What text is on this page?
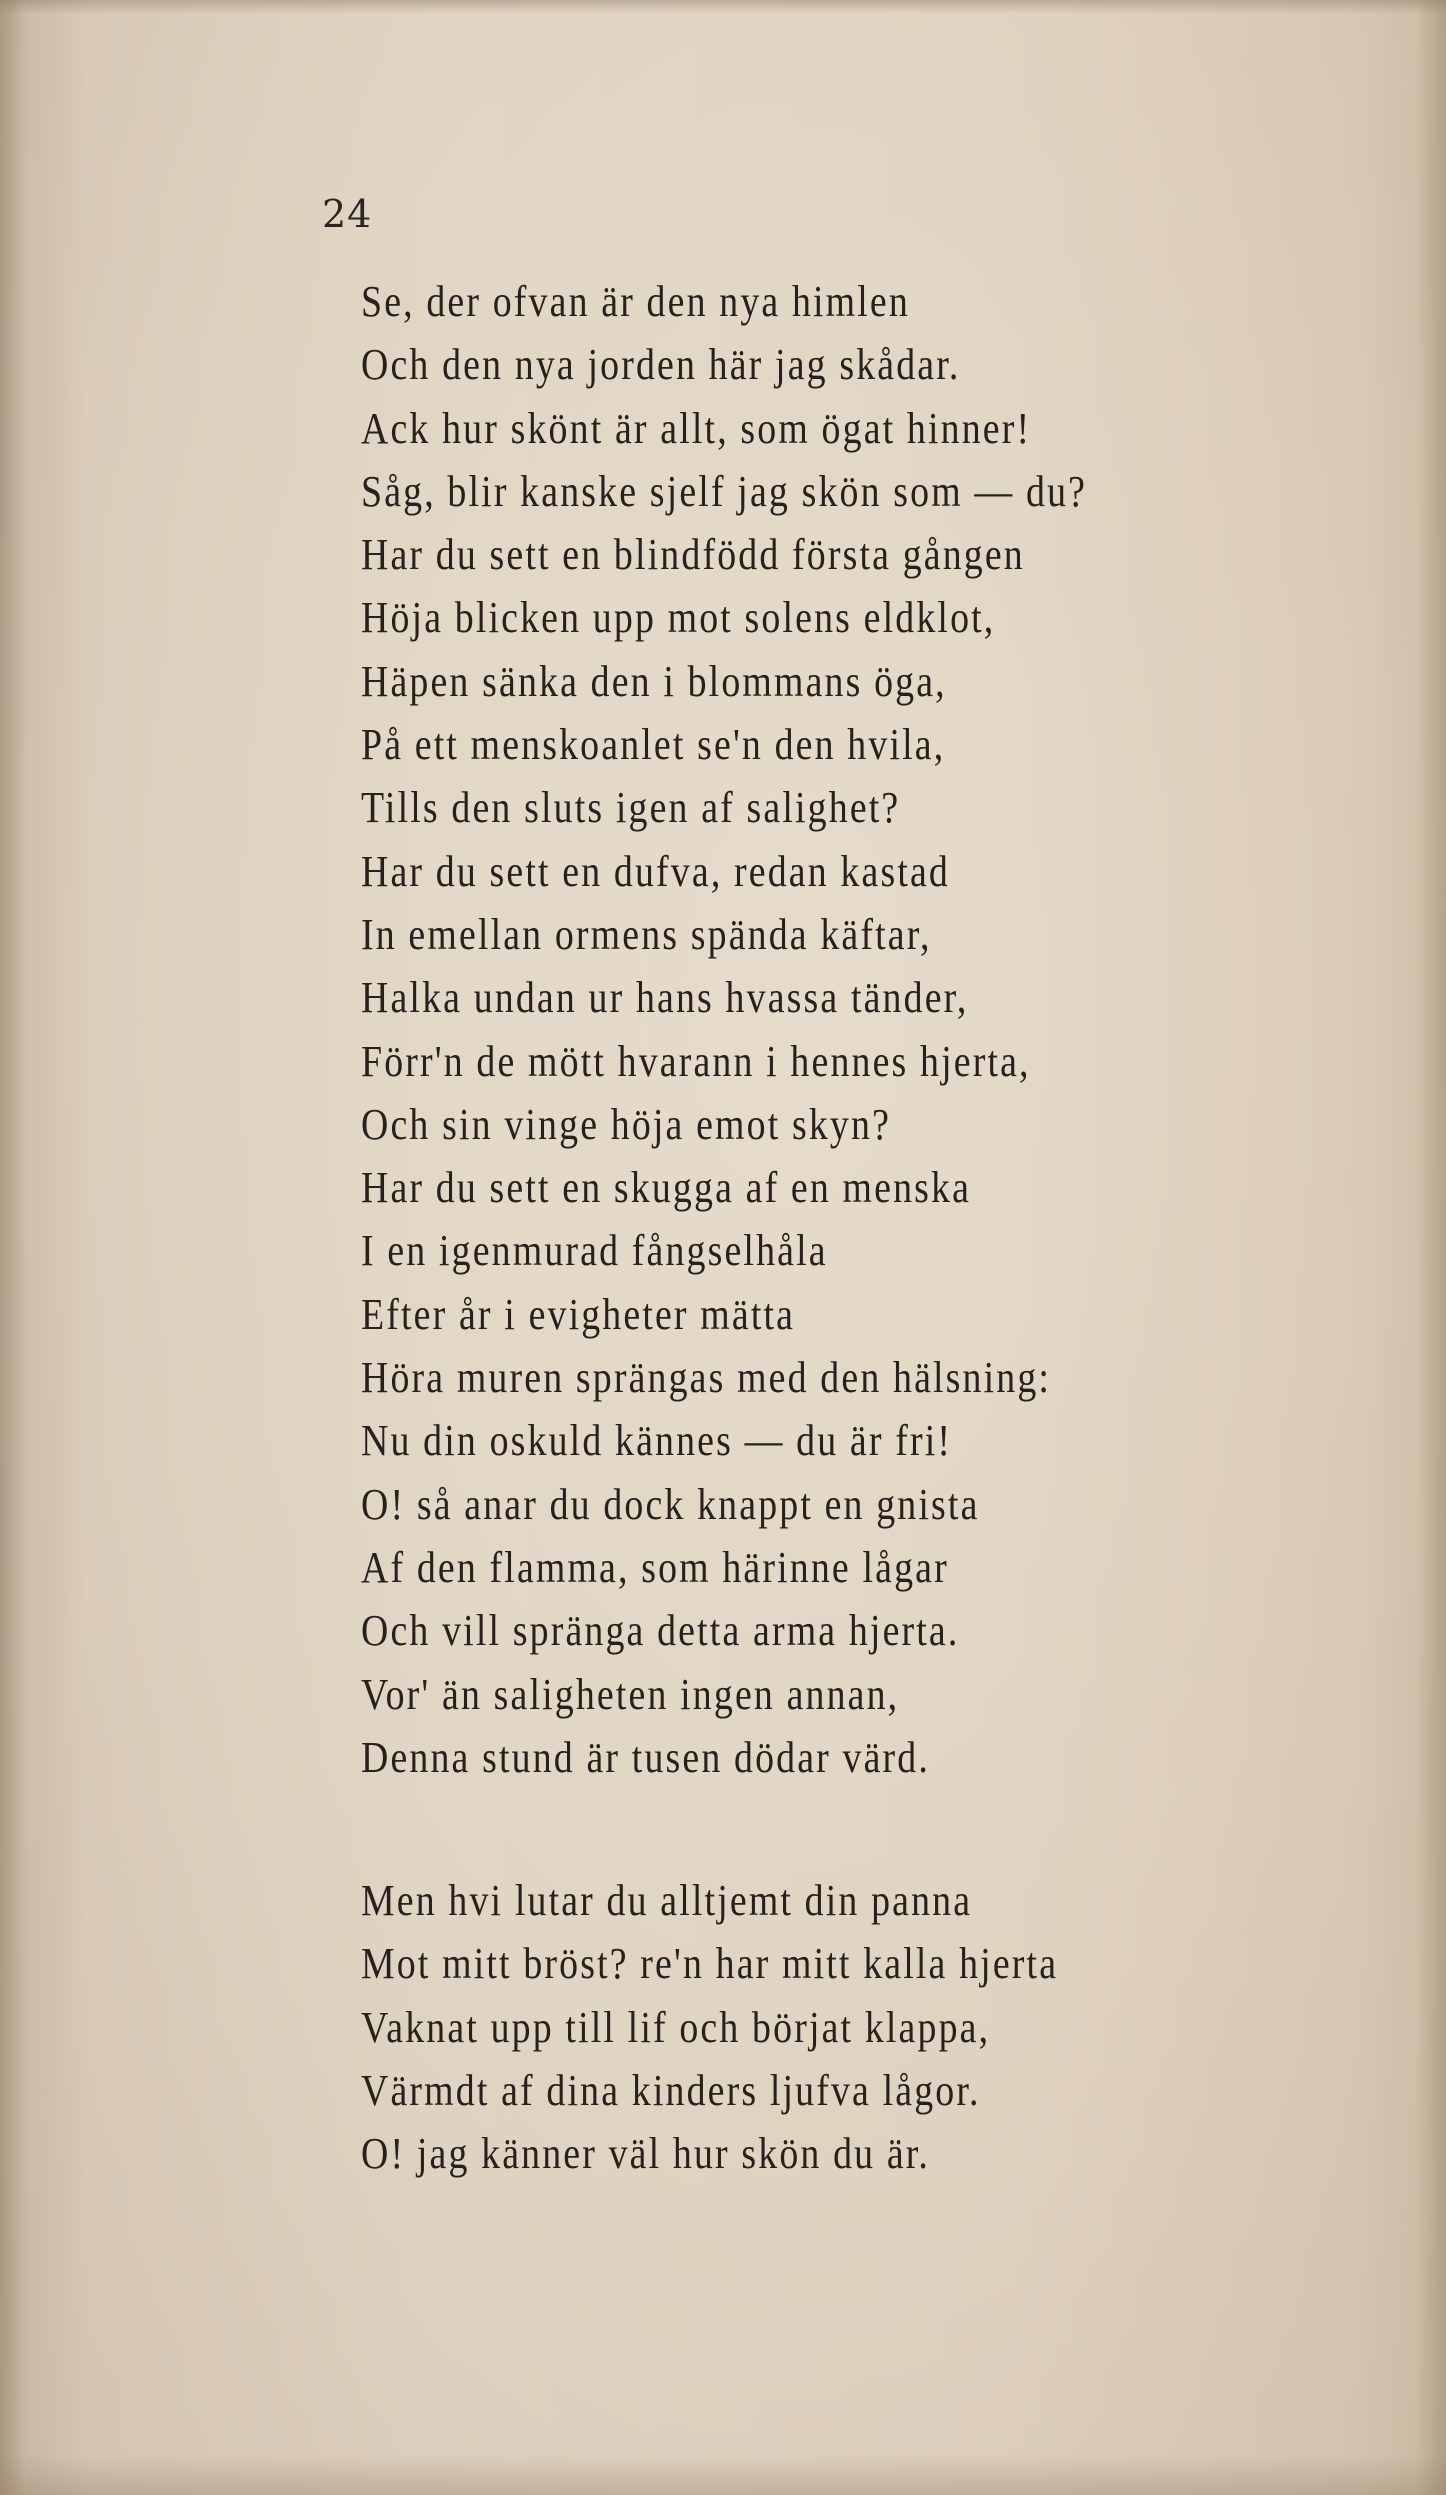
24
Se, der ofvan är den nya himlen
Och den nya jorden här jag skådar.
Ack hur skönt är allt, som ögat hinner!
Såg, blir kanske sjelf jag skön som — du?
Har du sett en blindfödd första gången
Höja blicken upp mot solens eldklot,
Häpen sänka den i blommans öga,
På ett menskoanlet se'n den hvila,
Tills den sluts igen af salighet?
Har du sett en dufva, redan kastad
In emellan ormens spända käftar,
Halka undan ur hans hvassa tänder,
Förr'n de mött hvarann i hennes hjerta,
Och sin vinge höja emot skyn?
Har du sett en skugga af en menska
I en igenmurad fångselhåla
Efter år i evigheter mätta
Höra muren sprängas med den hälsning:
Nu din oskuld kännes — du är fri!
O! så anar du dock knappt en gnista
Af den flamma, som härinne lågar
Och vill spränga detta arma hjerta.
Vor' än saligheten ingen annan,
Denna stund är tusen dödar värd.
Men hvi lutar du alltjemt din panna
Mot mitt bröst? re'n har mitt kalla hjerta
Vaknat upp till lif och börjat klappa,
Värmdt af dina kinders ljufva lågor.
O! jag känner väl hur skön du är.
